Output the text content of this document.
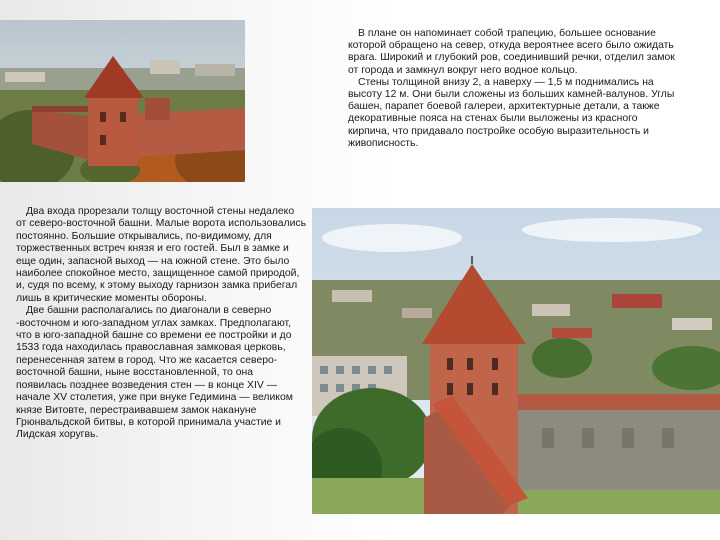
В плане он напоминает собой трапецию, большее основание которой обращено на север, откуда вероятнее всего было ожидать врага. Широкий и глубокий ров, соединивший речки, отделил замок от города и замкнул вокруг него водное кольцо.

Стены толщиной внизу 2, а наверху — 1,5 м поднимались на высоту 12 м. Они были сложены из больших камней-валунов. Углы башен, парапет боевой галереи, архитектурные детали, а также декоративные пояса на стенах были выложены из красного кирпича, что придавало постройке особую выразительность и живописность.

Два входа прорезали толщу восточной стены недалеко от северо-восточной башни. Малые ворота использовались постоянно. Большие открывались, по-видимому, для торжественных встреч князя и его гостей. Был в замке и еще один, запасной выход — на южной стене. Это было наиболее спокойное место, защищенное самой природой, и, судя по всему, к этому выходу гарнизон замка прибегал лишь в критические моменты обороны.

Две башни располагались по диагонали в северно -восточном и юго-западном углах замках. Предполагают, что в юго-западной башне со времени ее постройки и до 1533 года находилась православная замковая церковь, перенесенная затем в город. Что же касается северо-восточной башни, ныне восстановленной, то она появилась позднее возведения стен — в конце XIV — начале XV столетия, уже при внуке Гедимина — великом князе Витовте, перестраивавшем замок накануне Грюнвальдской битвы, в которой принимала участие и Лидская хоругвь.
